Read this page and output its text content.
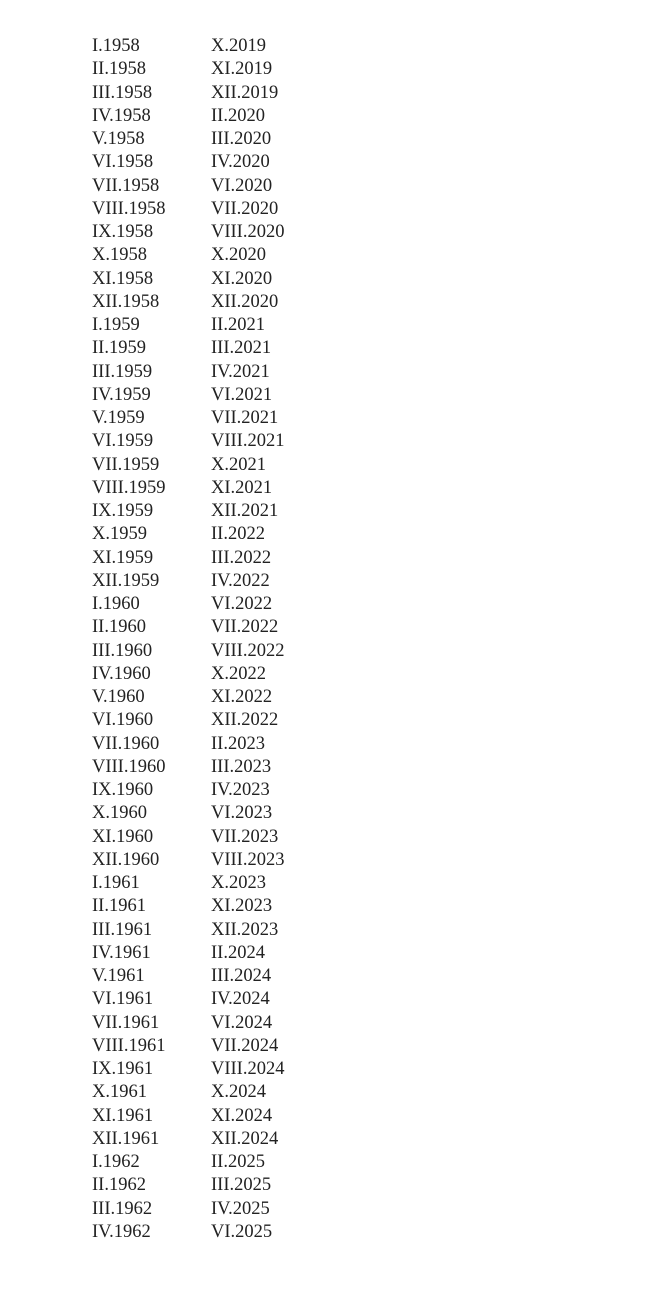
I.1958
II.1958
III.1958
IV.1958
V.1958
VI.1958
VII.1958
VIII.1958
IX.1958
X.1958
XI.1958
XII.1958
I.1959
II.1959
III.1959
IV.1959
V.1959
VI.1959
VII.1959
VIII.1959
IX.1959
X.1959
XI.1959
XII.1959
I.1960
II.1960
III.1960
IV.1960
V.1960
VI.1960
VII.1960
VIII.1960
IX.1960
X.1960
XI.1960
XII.1960
I.1961
II.1961
III.1961
IV.1961
V.1961
VI.1961
VII.1961
VIII.1961
IX.1961
X.1961
XI.1961
XII.1961
I.1962
II.1962
III.1962
IV.1962
X.2019
XI.2019
XII.2019
II.2020
III.2020
IV.2020
VI.2020
VII.2020
VIII.2020
X.2020
XI.2020
XII.2020
II.2021
III.2021
IV.2021
VI.2021
VII.2021
VIII.2021
X.2021
XI.2021
XII.2021
II.2022
III.2022
IV.2022
VI.2022
VII.2022
VIII.2022
X.2022
XI.2022
XII.2022
II.2023
III.2023
IV.2023
VI.2023
VII.2023
VIII.2023
X.2023
XI.2023
XII.2023
II.2024
III.2024
IV.2024
VI.2024
VII.2024
VIII.2024
X.2024
XI.2024
XII.2024
II.2025
III.2025
IV.2025
VI.2025
